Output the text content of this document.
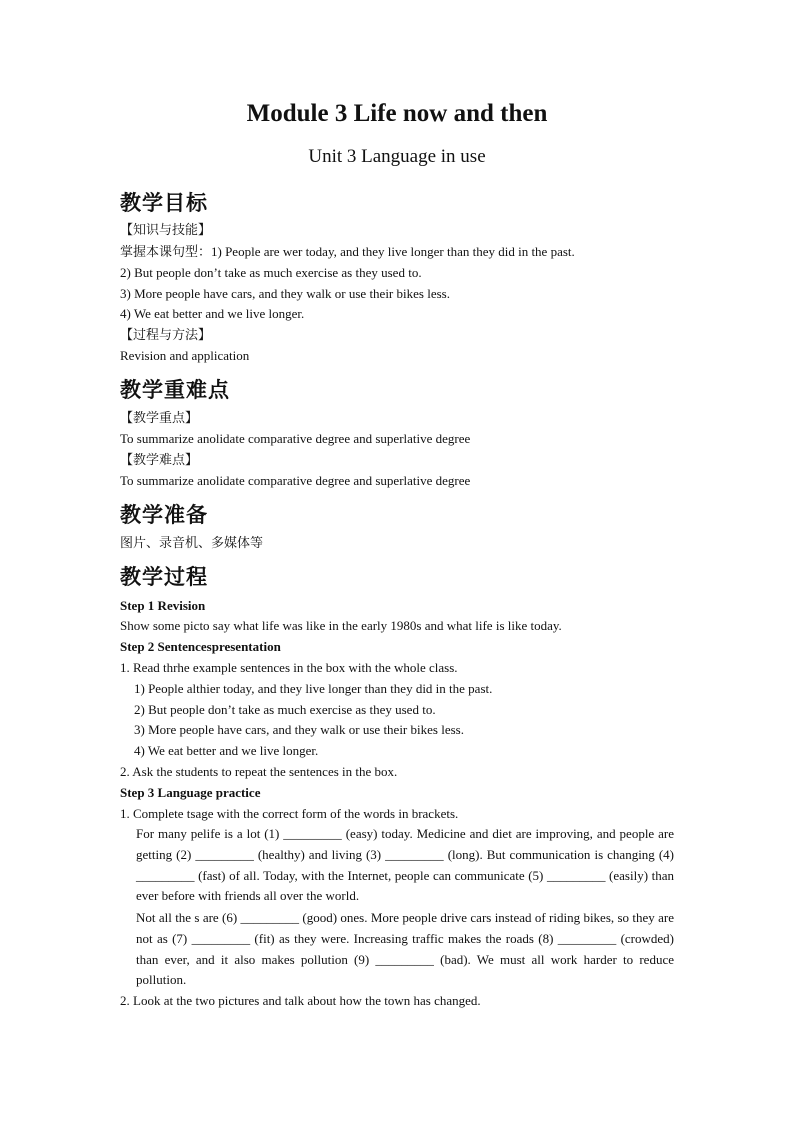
Module 3 Life now and then
Unit 3 Language in use
教学目标
【知识与技能】
掌握本课句型：1) People are wer today, and they live longer than they did in the past.
2) But people don’t take as much exercise as they used to.
3) More people have cars, and they walk or use their bikes less.
4) We eat better and we live longer.
【过程与方法】
Revision and application
教学重难点
【教学重点】
To summarize anolidate comparative degree and superlative degree
【教学难点】
To summarize anolidate comparative degree and superlative degree
教学准备
图片、录音机、多媒体等
教学过程
Step 1 Revision
Show some picto say what life was like in the early 1980s and what life is like today.
Step 2 Sentencespresentation
1. Read thrhe example sentences in the box with the whole class.
1) People althier today, and they live longer than they did in the past.
2) But people don’t take as much exercise as they used to.
3) More people have cars, and they walk or use their bikes less.
4) We eat better and we live longer.
2. Ask the students to repeat the sentences in the box.
Step 3 Language practice
1. Complete tsage with the correct form of the words in brackets.
For many pelife is a lot (1) _________ (easy) today. Medicine and diet are improving, and people are getting (2) _________ (healthy) and living (3) _________ (long). But communication is changing (4) _________ (fast) of all. Today, with the Internet, people can communicate (5) _________ (easily) than ever before with friends all over the world.
Not all the s are (6) _________ (good) ones. More people drive cars instead of riding bikes, so they are not as (7) _________ (fit) as they were. Increasing traffic makes the roads (8) _________ (crowded) than ever, and it also makes pollution (9) _________ (bad). We must all work harder to reduce pollution.
2. Look at the two pictures and talk about how the town has changed.
